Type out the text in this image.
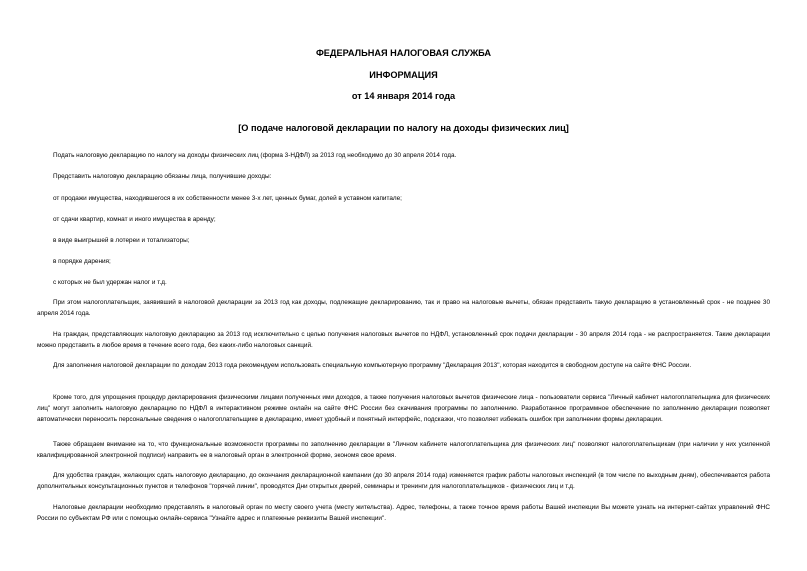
ФЕДЕРАЛЬНАЯ НАЛОГОВАЯ СЛУЖБА
ИНФОРМАЦИЯ
от 14 января 2014 года
[О подаче налоговой декларации по налогу на доходы физических лиц]
Подать налоговую декларацию по налогу на доходы физических лиц (форма 3-НДФЛ) за 2013 год необходимо до 30 апреля 2014 года.
Представить налоговую декларацию обязаны лица, получившие доходы:
от продажи имущества, находившегося в их собственности менее 3-х лет, ценных бумаг, долей в уставном капитале;
от сдачи квартир, комнат и иного имущества в аренду;
в виде выигрышей в лотереи и тотализаторы;
в порядке дарения;
с которых не был удержан налог и т.д.
При этом налогоплательщик, заявивший в налоговой декларации за 2013 год как доходы, подлежащие декларированию, так и право на налоговые вычеты, обязан представить такую декларацию в установленный срок - не позднее 30 апреля 2014 года.
На граждан, представляющих налоговую декларацию за 2013 год исключительно с целью получения налоговых вычетов по НДФЛ, установленный срок подачи декларации - 30 апреля 2014 года - не распространяется. Такие декларации можно представить в любое время в течение всего года, без каких-либо налоговых санкций.
Для заполнения налоговой декларации по доходам 2013 года рекомендуем использовать специальную компьютерную программу "Декларация 2013", которая находится в свободном доступе на сайте ФНС России.
Кроме того, для упрощения процедур декларирования физическими лицами полученных ими доходов, а также получения налоговых вычетов физические лица - пользователи сервиса "Личный кабинет налогоплательщика для физических лиц" могут заполнить налоговую декларацию по НДФЛ в интерактивном режиме онлайн на сайте ФНС России без скачивания программы по заполнению. Разработанное программное обеспечение по заполнению декларации позволяет автоматически переносить персональные сведения о налогоплательщике в декларацию, имеет удобный и понятный интерфейс, подсказки, что позволяет избежать ошибок при заполнении формы декларации.
Также обращаем внимание на то, что функциональные возможности программы по заполнению декларации в "Личном кабинете налогоплательщика для физических лиц" позволяют налогоплательщикам (при наличии у них усиленной квалифицированной электронной подписи) направить ее в налоговый орган в электронной форме, экономя свое время.
Для удобства граждан, желающих сдать налоговую декларацию, до окончания декларационной кампании (до 30 апреля 2014 года) изменяется график работы налоговых инспекций (в том числе по выходным дням), обеспечивается работа дополнительных консультационных пунктов и телефонов "горячей линии", проводятся Дни открытых дверей, семинары и тренинги для налогоплательщиков - физических лиц и т.д.
Налоговые декларации необходимо представлять в налоговый орган по месту своего учета (месту жительства). Адрес, телефоны, а также точное время работы Вашей инспекции Вы можете узнать на интернет-сайтах управлений ФНС России по субъектам РФ или с помощью онлайн-сервиса "Узнайте адрес и платежные реквизиты Вашей инспекции".
